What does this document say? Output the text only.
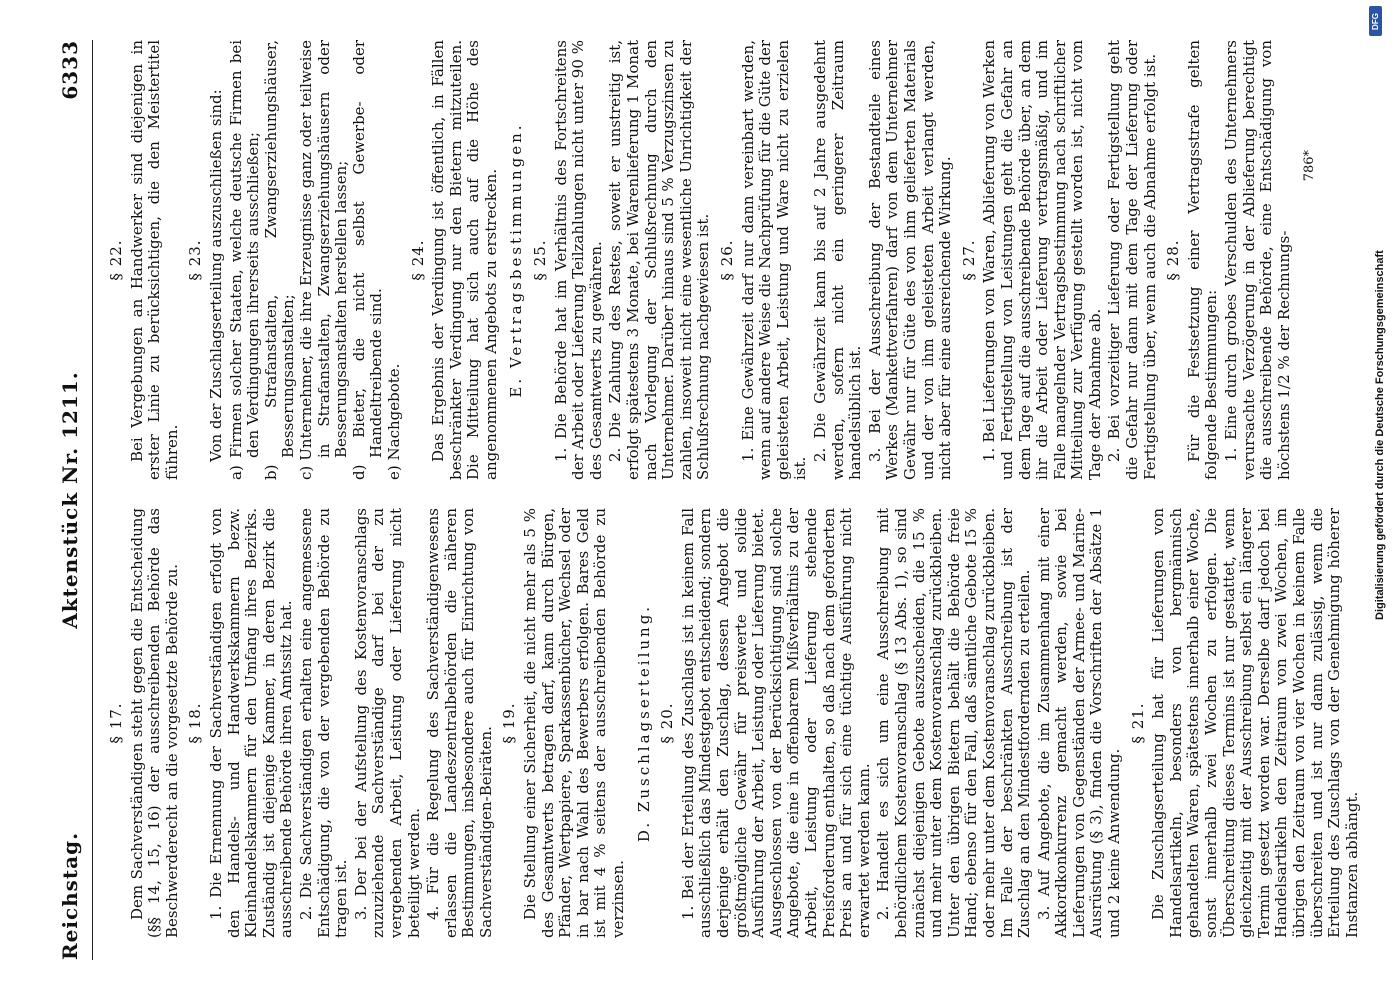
Reichstag.
Aktenstück Nr. 1211.
6333
§ 17. Dem Sachverständigen steht gegen die Entscheidung (§§ 14, 15, 16) der ausschreibenden Behörde das Beschwerderecht an die vorgesetzte Behörde zu. § 18. 1. Die Ernennung der Sachverständigen erfolgt von den Handels- und Handwerkskammern bezw. Kleinhandelskammern für den Umfang ihres Bezirks. Zuständig ist diejenige Kammer, in deren Bezirk die ausschreibende Behörde ihren Amtssitz hat. 2. Die Sachverständigen erhalten eine angemessene Entschädigung, die von der vergebenden Behörde zu tragen ist. 3. Der bei der Aufstellung des Kostenvoranschlags zuzuziehende Sachverständige darf bei der zu vergebenden Arbeit, Leistung oder Lieferung nicht beteiligt werden. 4. Für die Regelung des Sachverständigenwesens erlassen die Landeszentralbehörden die näheren Bestimmungen, insbesondere auch für Einrichtung von Sachverständigen-Beiräten.
§ 19. Die Stellung einer Sicherheit, die nicht mehr als 5 % des Gesamtwerts betragen darf, kann durch Bürgen, Pfänder, Wertpapiere, Sparkassenbücher, Wechsel oder in bar nach Wahl des Bewerbers erfolgen. Bares Geld ist mit 4 % seitens der ausschreibenden Behörde zu verzinsen.
D. Zuschlagserteilung. § 20. 1. Bei der Erteilung des Zuschlags ist in keinem Fall ausschließlich das Mindestgebot entscheidend; sondern derjenige erhält den Zuschlag, dessen Angebot die größtmögliche Gewähr für preiswerte und solide Ausführung der Arbeit, Leistung oder Lieferung bietet. Ausgeschlossen von der Berücksichtigung sind solche Angebote, die eine in offenbarem Mißverhältnis zu der Arbeit, Leistung oder Lieferung stehende Preisforderung enthalten, so daß nach dem geforderten Preis an und für sich eine tüchtige Ausführung nicht erwartet werden kann. 2. Handelt es sich um eine Ausschreibung mit behördlichem Kostenvoranschlag (§ 13 Abs. 1), so sind zunächst diejenigen Gebote auszuscheiden, die 15 % und mehr unter dem Kostenvoranschlag zurückbleiben. Unter den übrigen Bietern behält die Behörde freie Hand; ebenso für den Fall, daß sämtliche Gebote 15 % oder mehr unter dem Kostenvoranschlag zurückbleiben. Im Falle der beschränkten Ausschreibung ist der Zuschlag an den Mindestfordernden zu erteilen. 3. Auf Angebote, die im Zusammenhang mit einer Akkordkonkurrenz gemacht werden, sowie bei Lieferungen von Gegenständen der Armee- und Marine-Ausrüstung (§ 3), finden die Vorschriften der Absätze 1 und 2 keine Anwendung.
§ 21. Die Zuschlagserteilung hat für Lieferungen von Handelsartikeln, besonders von bergmännisch gehandelten Waren, spätestens innerhalb einer Woche, sonst innerhalb zwei Wochen zu erfolgen. Die Überschreitung dieses Termins ist nur gestattet, wenn gleichzeitig mit der Ausschreibung selbst ein längerer Termin gesetzt worden war. Derselbe darf jedoch bei Handelsartikeln den Zeitraum von zwei Wochen, im übrigen den Zeitraum von vier Wochen in keinem Falle überschreiten und ist nur dann zulässig, wenn die Erteilung des Zuschlags von der Genehmigung höherer Instanzen abhängt.
§ 22. Bei Vergebungen an Handwerker sind diejenigen in erster Linie zu berücksichtigen, die den Meistertitel führen.
§ 23. Von der Zuschlagserteilung auszuschließen sind: a) Firmen solcher Staaten, welche deutsche Firmen bei den Verdingungen ihrerseits ausschließen; b) Strafanstalten, Zwangserziehungshäuser, Besserungsanstalten; c) Unternehmer, die ihre Erzeugnisse ganz oder teilweise in Strafanstalten, Zwangserziehungshäusern oder Besserungsanstalten herstellen lassen; d) Bieter, die nicht selbst Gewerbe- oder Handeltreibende sind. e) Nachgebote.
§ 24. Das Ergebnis der Verdingung ist öffentlich, in Fällen beschränkter Verdingung nur den Bietern mitzuteilen. Die Mitteilung hat sich auch auf die Höhe des angenommenen Angebots zu erstrecken. E. Vertragsbestimmungen. § 25. 1. Die Behörde hat im Verhältnis des Fortschreitens der Arbeit oder Lieferung Teilzahlungen nicht unter 90 % des Gesamtwerts zu gewähren. 2. Die Zahlung des Restes, soweit er unstreitig ist, erfolgt spätestens 3 Monate, bei Warenlieferung 1 Monat nach Vorlegung der Schlußrechnung durch den Unternehmer. Darüber hinaus sind 5 % Verzugszinsen zu zahlen, insoweit nicht eine wesentliche Unrichtigkeit der Schlußrechnung nachgewiesen ist. § 26. 1. Eine Gewährzeit darf nur dann vereinbart werden, wenn auf andere Weise die Nachprüfung für die Güte der geleisteten Arbeit, Leistung und Ware nicht zu erzielen ist.
2. Die Gewährzeit kann bis auf 2 Jahre ausgedehnt werden, sofern nicht ein geringerer Zeitraum handelsüblich ist. 3. Bei der Ausschreibung der Bestandteile eines Werkes (Mankettverfahren) darf von dem Unternehmer Gewähr nur für Güte des von ihm gelieferten Materials und der von ihm geleisteten Arbeit verlangt werden, nicht aber für eine ausreichende Wirkung. § 27. 1. Bei Lieferungen von Waren, Ablieferung von Werken und Fertigstellung von Leistungen geht die Gefahr an dem Tage auf die ausschreibende Behörde über, an dem ihr die Arbeit oder Lieferung vertragsmäßig, und im Falle mangelnder Vertragsbestimmung nach schriftlicher Mitteilung zur Verfügung gestellt worden ist, nicht vom Tage der Abnahme ab. 2. Bei vorzeitiger Lieferung oder Fertigstellung geht die Gefahr nur dann mit dem Tage der Lieferung oder Fertigstellung über, wenn auch die Abnahme erfolgt ist. § 28. Für die Festsetzung einer Vertragsstrafe gelten folgende Bestimmungen: 1. Eine durch grobes Verschulden des Unternehmers verursachte Verzögerung in der Ablieferung berechtigt die ausschreibende Behörde, eine Entschädigung von höchstens 1/2 % der Rechnungs-
786*
Digitalisierung gefördert durch die Deutsche Forschungsgemeinschaft
DFG
